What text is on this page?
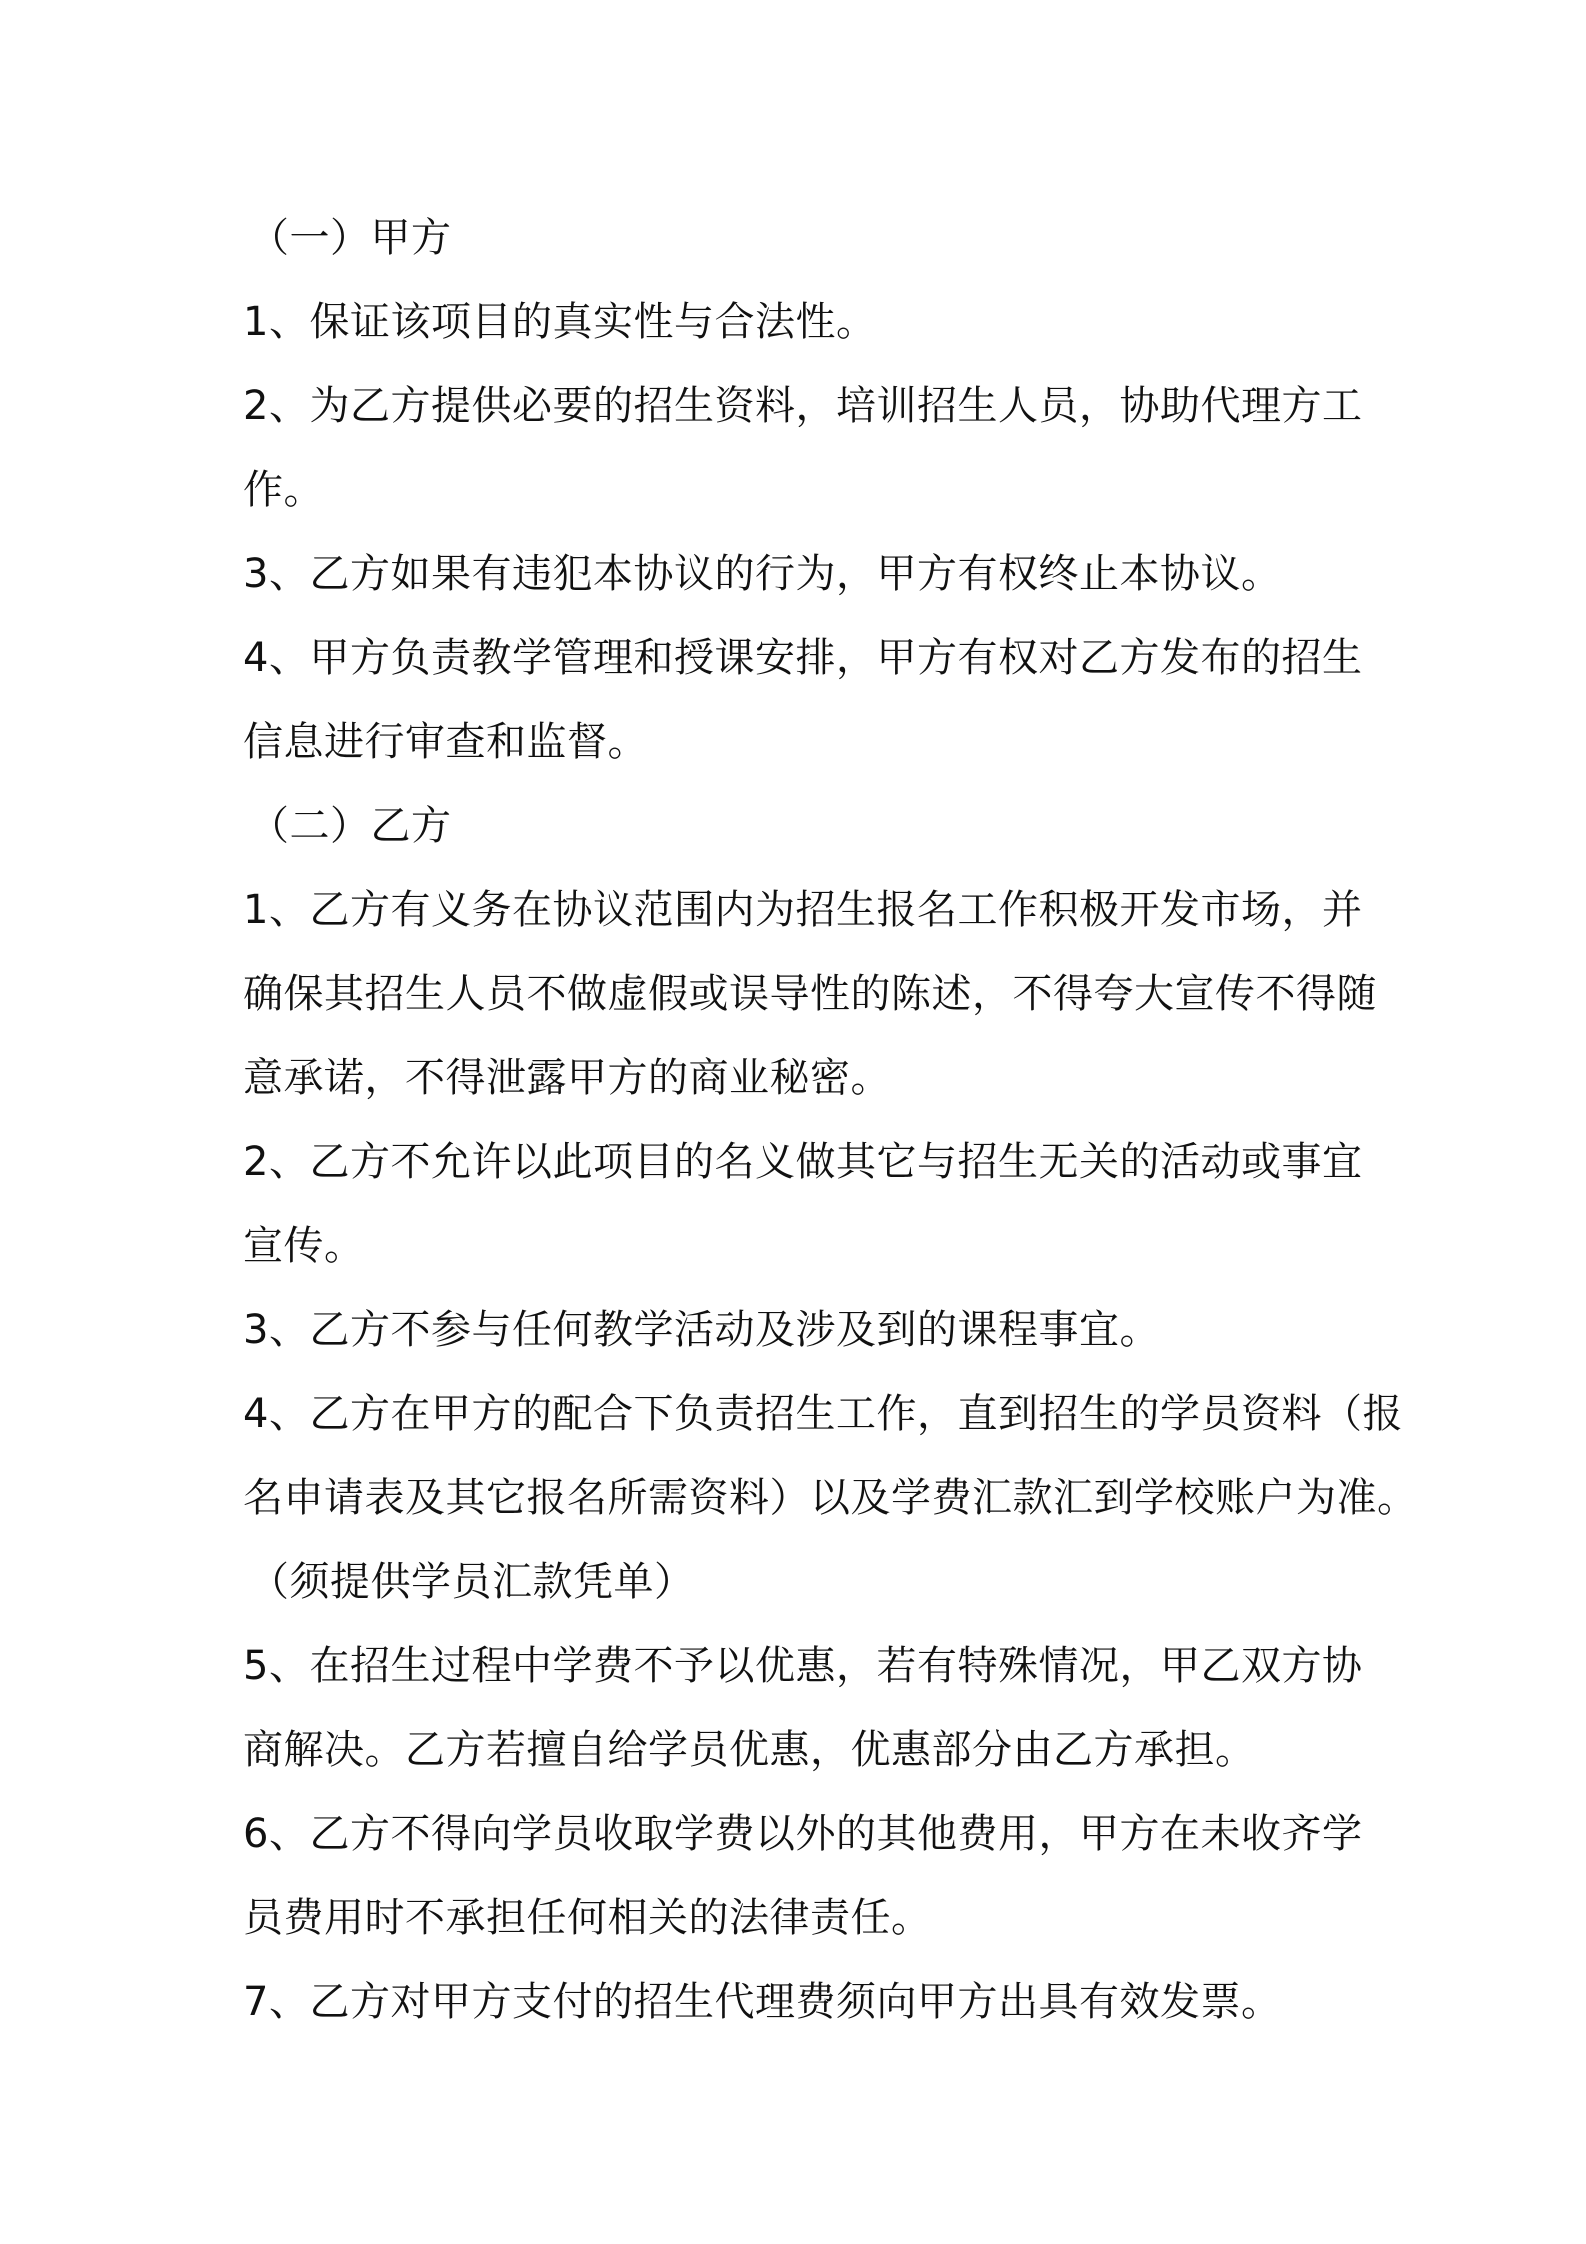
（一）甲方
1、保证该项目的真实性与合法性。
2、为乙方提供必要的招生资料，培训招生人员，协助代理方工
作。
3、乙方如果有违犯本协议的行为，甲方有权终止本协议。
4、甲方负责教学管理和授课安排，甲方有权对乙方发布的招生
信息进行审查和监督。
（二）乙方
1、乙方有义务在协议范围内为招生报名工作积极开发市场，并
确保其招生人员不做虚假或误导性的陈述，不得夸大宣传不得随
意承诺，不得泄露甲方的商业秘密。
2、乙方不允许以此项目的名义做其它与招生无关的活动或事宜
宣传。
3、乙方不参与任何教学活动及涉及到的课程事宜。
4、乙方在甲方的配合下负责招生工作，直到招生的学员资料（报
名申请表及其它报名所需资料）以及学费汇款汇到学校账户为准。
（须提供学员汇款凭单）
5、在招生过程中学费不予以优惠，若有特殊情况，甲乙双方协
商解决。乙方若擅自给学员优惠，优惠部分由乙方承担。
6、乙方不得向学员收取学费以外的其他费用，甲方在未收齐学
员费用时不承担任何相关的法律责任。
7、乙方对甲方支付的招生代理费须向甲方出具有效发票。
